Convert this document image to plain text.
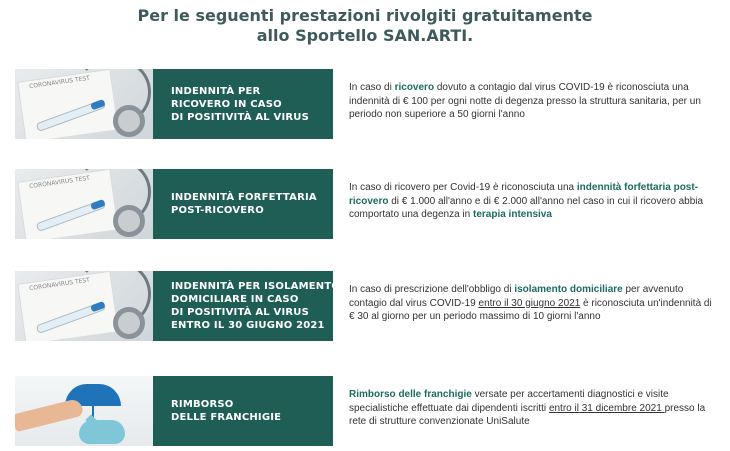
Per le seguenti prestazioni rivolgiti gratuitamente
allo Sportello SAN.ARTI.
CORONAVIRUS TEST
INDENNITÀ PER
RICOVERO IN CASO
DI POSITIVITÀ AL VIRUS
In caso di ricovero dovuto a contagio dal virus COVID-19 è riconosciuta una indennità di € 100 per ogni notte di degenza presso la struttura sanitaria, per un periodo non superiore a 50 giorni l'anno
CORONAVIRUS TEST
INDENNITÀ FORFETTARIA
POST-RICOVERO
In caso di ricovero per Covid-19 è riconosciuta una indennità forfettaria post-ricovero di € 1.000 all'anno e di € 2.000 all'anno nel caso in cui il ricovero abbia comportato una degenza in terapia intensiva
CORONAVIRUS TEST	INDENNITÀ PER ISOLAMENTO
DOMICILIARE IN CASO
DI POSITIVITÀ AL VIRUS
ENTRO IL 30 GIUGNO 2021
In caso di prescrizione dell'obbligo di isolamento domiciliare per avvenuto contagio dal virus COVID-19 entro il 30 giugno 2021 è riconosciuta un'indennità di € 30 al giorno per un periodo massimo di 10 giorni l'anno
RIMBORSO
DELLE FRANCHIGIE
Rimborso delle franchigie versate per accertamenti diagnostici e visite specialistiche effettuate dai dipendenti iscritti entro il 31 dicembre 2021 presso la rete di strutture convenzionate UniSalute
